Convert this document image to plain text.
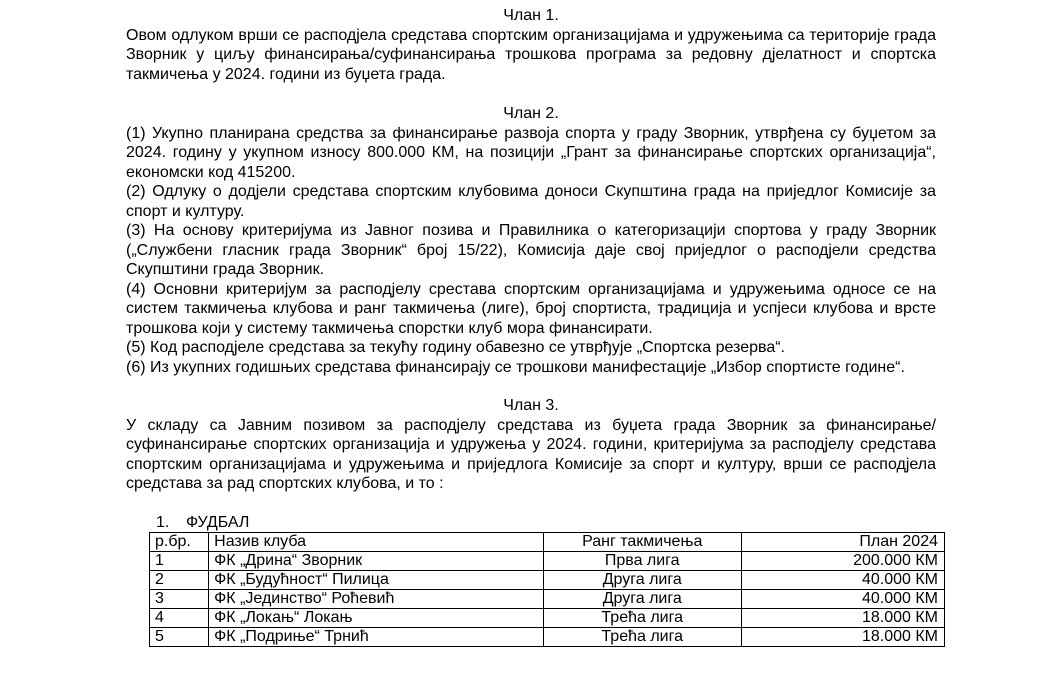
Члан 1.

Овом одлуком врши се расподјела средстава спортским организацијама и удружењима са територије града Зворник у циљу финансирања/суфинансирања трошкова програма за редовну дјелатност и спортска такмичења у 2024. години из буџета града.

Члан 2.

(1) Укупно планирана средства за финансирање развоја спорта у граду Зворник, утврђена су буџетом за 2024. годину у укупном износу 800.000 КМ, на позицији „Грант за финансирање спортских организација“, економски код 415200.

(2) Одлуку о додјели средстава спортским клубовима доноси Скупштина града на приједлог Комисије за спорт и културу.

(3) На основу критеријума из Јавног позива и Правилника о категоризацији спортова у граду Зворник („Службени гласник града Зворник“ број 15/22), Комисија даје свој приједлог о расподјели средства Скупштини града Зворник.

(4) Основни критеријум за расподјелу срестава спортским организацијама и удружењима односе се на систем такмичења клубова и ранг такмичења (лиге), број спортиста, традиција и успјеси клубова и врсте трошкова који у систему такмичења спорстки клуб мора финансирати.

(5) Код расподјеле средстава за текућу годину обавезно се утврђује „Спортска резерва“.

(6) Из укупних годишњих средстава финансирају се трошкови манифестације „Избор спортисте године“.

Члан 3.

У складу са Јавним позивом за расподјелу средстава из буџета града Зворник за финансирање/суфинансирање спортских организација и удружења у 2024. години, критеријума за расподјелу средстава спортским организацијама и удружењима и приједлога Комисије за спорт и културу, врши се расподјела средстава за рад спортских клубова, и то :

1. ФУДБАЛ

р.бр.	Назив клуба	Ранг такмичења	План 2024
1	ФК „Дрина“ Зворник	Прва лига	200.000 КМ
2	ФК „Будућност“ Пилица	Друга лига	40.000 КМ
3	ФК „Јединство“ Роћевић	Друга лига	40.000 КМ
4	ФК „Локањ“ Локањ	Трећа лига	18.000 КМ
5	ФК „Подриње“ Трнић	Трећа лига	18.000 КМ
